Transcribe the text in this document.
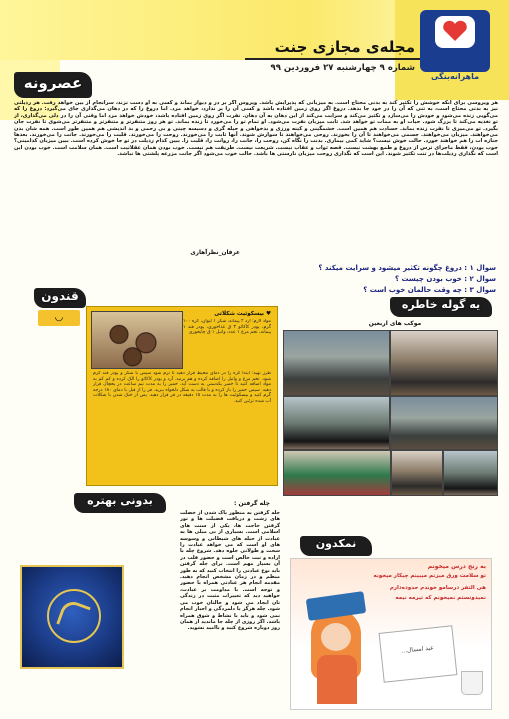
ماهرانه‌بنگی
مجله‌ی مجازی جنت
شماره ۹ چهارشنبه ۲۷ فروردین ۹۹
عصرونه
هر ویروسی برای آنکه خوشش را تکثیر کند به بدنی محتاج است. به میزبانی که پذیرایش باشد. ویروس اگر بر در و دیوار بماند و کسی به او دست نزند، سرانجام از بین خواهد رفت. هر رذیلتی نیز به بدنی محتاج است، به تنی که آن را در خود جا بدهد. دروغ اگر روی زمین افتاده باشد و کسی آن را بر ندارد، خواهد مرد. اما دروغ را که در دهان می‌گذاری جای می‌گیرد: دروغ را که می‌گویی زنده می‌شود و خودش را می‌سازد و تکثیر می‌کند و سرایت می‌کند از این دهان به آن دهان. نفرت اگر روی زمین افتاده باشد، خودش خواهد مرد اما وقتی آن را در دلی می‌گذاری، از تو تغذیه می‌کند تا بزرگ شود. حیات او به ممات تو خواهد شد. ثابت میزبان نفرت می‌شود. او تمام تو را می‌خورد تا زنده بماند. تو هر روز متنفرتر و متنفرتر و متنفرتر می‌شوی تا نفرت جان بگیرد. تو می‌میری تا نفرت زنده بماند. حسادت هم همین است. خشمگینی و کینه ورزی و بدخواهی و حیله گری و دسیسه چینی و بی رحمی و بد اندیشی هم همین طور است. همه شان بدن می‌خواهند. میزبان می‌خواهند. جسمی می‌خواهند تا آن را بخورند. روحی می‌خواهند تا سوارش شوند. آنها ثابت را می‌خورند. روحت را می‌خورند. قلبت را می‌خورند. جانت را می‌خورند. بعدها جنازه ات را هم خواهند خورد. حالت خوش نیست؟ شاید کمی بیماری. بدنت را نگاه کن، روحت را، جانت را، روانت را، قلبت را. ببین کدام رذیلت در تو جا خوش کرده است. ببین میزبان کدامینی؟ خوب بودن، فقط ماجرای ترس از دروغ و طمع بهشت نیست. قصه ثواب و عقاب نیست. شریعت نیست. طریقت هم نیست. خوب بودن همان عقلانیت است. همان سلامت است. خوب بودن این است که نگذاری رذیلت‌ها در تنت تکثیر شوند. این است که نگذاری روحت میزبان نارستی ها باشد. حالت خوب می‌شود اگر جانت مزرعه پلشتی ها نباشد.
عرفان_نظرآهاری
سوال ۱ : دروغ چگونه تکثیر میشود و سرایت میکند ؟
سوال ۲ : خوب بودن چیست ؟
سوال ۳ : چه وقت حالمان خوب است ؟
قندون
◡	♥ بیسکوئیت شکلاتی
مواد لازم: آرد ۲ پیمانه، شکر ۱ لیوان، کره ۱۰۰ گرم، پودر کاکائو ۳ ق غذاخوری، پودر قند ۱ پیمانه، تخم مرغ ۱ عدد، وانیل ۱ ق چایخوری
طرز تهیه: ابتدا کره را در دمای محیط قرار دهید تا نرم شود سپس با شکر و پودر قند کرم شود. تخم مرغ و وانیل را اضافه کرده و هم بزنید. آرد و پودر کاکائو را الک کرده و کم کم به مواد اضافه کنید تا خمیر یکدستی به دست آید. خمیر را به مدت نیم ساعت در یخچال قرار دهید. سپس خمیر را باز کرده و با قالب به شکل دلخواه ببرید. فر را از قبل با دمای ۱۸۰ درجه گرم کنید و بیسکوئیت ها را به مدت ۱۵ دقیقه در فر قرار دهید. پس از خنک شدن با شکلات آب شده تزئین کنید.
یه گوله خاطره
موکب های اربعین
بدونی بهتره	چله گرفتن :
چله گرفتن به منظور پاک شدن از خصلت های زشت و دریافت فضیلت ها و نور گرفتن حاجت ها، یکی از سنت های اسلامی است. بسیاری از بی میلی ها به عبادت از حیله های شیطانی و وسوسه های او است که می خواهد عبادت را سخت و طولانی جلوه دهد. شروع چله با اراده و نیت خالص است و حضور قلب در آن بسیار مهم است. برای چله گرفتن باید نوع عبادتی را انتخاب کنید که به طور منظم و در زمان مشخص انجام دهید. مقدمه انجام هر عبادتی همراه با حضور و توجه است. با مداومت بر عبادت، خواهید دید که تغییرات مثبت در زندگی تان ایجاد می شود و حالتان خوب می شود. چله هرگز با دلمردگی و اجبار انجام نمی شود و باید با نشاط و شوق همراه باشد. اگر روزی از چله جا ماندید از همان روز دوباره شروع کنید و ناامید نشوید.
نمکدون
به رنج درس میخونم
تو سلامت ورق میزنم میبینم چیکار میخونه
هی التفر درسامو خوندم حدوده‌دارم
نمیدونستم نمیخونم که تیرمه نیمه
عید امسال...
